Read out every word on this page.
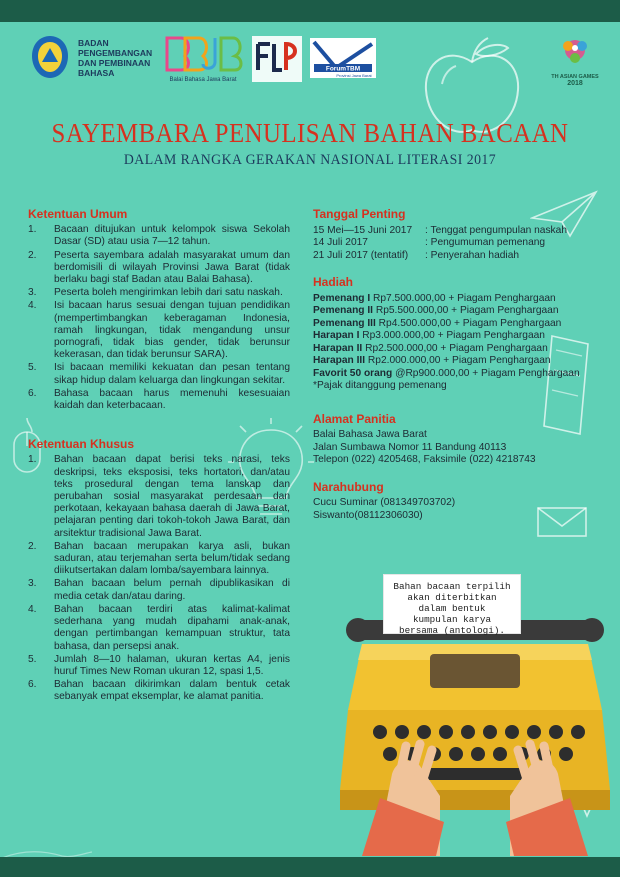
BADAN
PENGEMBANGAN
DAN PEMBINAAN
BAHASA
Balai Bahasa Jawa Barat
ForumTBM
Provinsi Jawa Barat	TH ASIAN GAMES
2018
SAYEMBARA PENULISAN BAHAN BACAAN
DALAM RANGKA GERAKAN NASIONAL LITERASI 2017
Ketentuan Umum
1.	Bacaan ditujukan untuk kelompok siswa Sekolah Dasar (SD) atau usia 7—12 tahun.
2.	Peserta sayembara adalah masyarakat umum dan berdomisili di wilayah Provinsi Jawa Barat (tidak berlaku bagi staf Badan atau Balai Bahasa).
3.	Peserta boleh mengirimkan lebih dari satu naskah.
4.	Isi bacaan harus sesuai dengan tujuan pendidikan (mempertimbangkan keberagaman Indonesia, ramah lingkungan, tidak mengandung unsur pornografi, tidak bias gender, tidak berunsur kekerasan, dan tidak berunsur SARA).
5.	Isi bacaan memiliki kekuatan dan pesan tentang sikap hidup dalam keluarga dan lingkungan sekitar.
6.	Bahasa bacaan harus memenuhi kesesuaian kaidah dan keterbacaan.
Ketentuan Khusus
1.	Bahan bacaan dapat berisi teks narasi, teks deskripsi, teks eksposisi, teks hortatori, dan/atau teks prosedural dengan tema lanskap dan perubahan sosial masyarakat perdesaan dan perkotaan, kekayaan bahasa daerah di Jawa Barat, pelajaran penting dari tokoh-tokoh Jawa Barat, dan arsitektur tradisional Jawa Barat.
2.	Bahan bacaan merupakan karya asli, bukan saduran, atau terjemahan serta belum/tidak sedang diikutsertakan dalam lomba/sayembara lainnya.
3.	Bahan bacaan belum pernah dipublikasikan di media cetak dan/atau daring.
4.	Bahan bacaan terdiri atas kalimat-kalimat sederhana yang mudah dipahami anak-anak, dengan pertimbangan kemampuan struktur, tata bahasa, dan persepsi anak.
5.	Jumlah 8—10 halaman, ukuran kertas A4, jenis huruf Times New Roman ukuran 12, spasi 1,5.
6.	Bahan bacaan dikirimkan dalam bentuk cetak sebanyak empat eksemplar, ke alamat panitia.
Tanggal Penting
15 Mei—15 Juni 2017	: Tenggat pengumpulan naskah
14 Juli 2017	: Pengumuman pemenang
21 Juli 2017 (tentatif)	: Penyerahan hadiah
Hadiah
Pemenang I Rp7.500.000,00 + Piagam Penghargaan
Pemenang II Rp5.500.000,00 + Piagam Penghargaan
Pemenang III Rp4.500.000,00 + Piagam Penghargaan
Harapan I Rp3.000.000,00 + Piagam Penghargaan
Harapan II Rp2.500.000,00 + Piagam Penghargaan
Harapan III Rp2.000.000,00 + Piagam Penghargaan
Favorit 50 orang @Rp900.000,00 + Piagam Penghargaan
*Pajak ditanggung pemenang
Alamat Panitia
Balai Bahasa Jawa Barat
Jalan Sumbawa Nomor 11 Bandung 40113
Telepon (022) 4205468, Faksimile (022) 4218743
Narahubung
Cucu Suminar (081349703702)
Siswanto(08112306030)
Bahan bacaan terpilih
akan diterbitkan
dalam bentuk
kumpulan karya
bersama (antologi).
